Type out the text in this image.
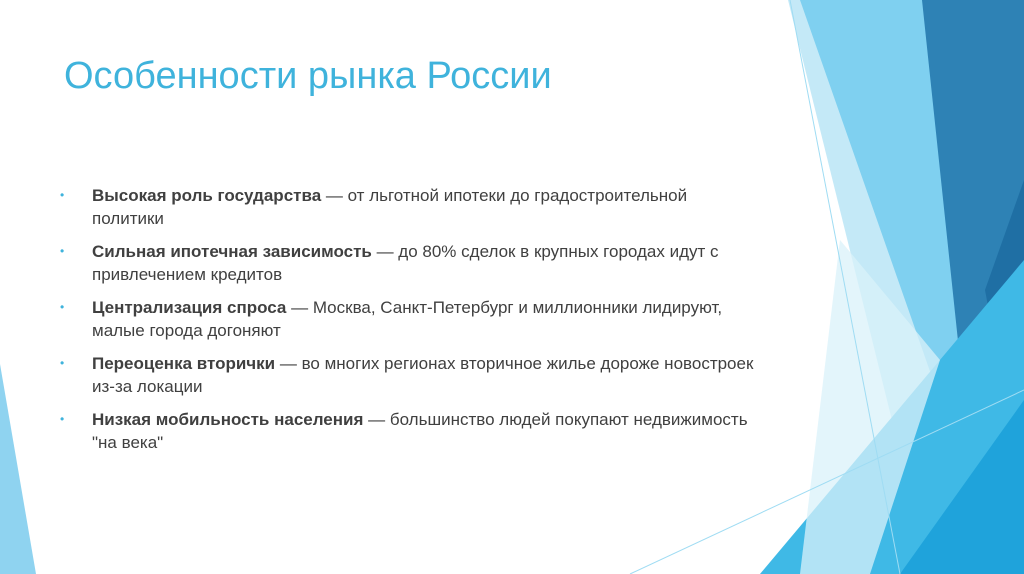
Особенности рынка России
• Высокая роль государства — от льготной ипотеки до градостроительной политики
• Сильная ипотечная зависимость — до 80% сделок в крупных городах идут с привлечением кредитов
• Централизация спроса — Москва, Санкт-Петербург и миллионники лидируют, малые города догоняют
• Переоценка вторички — во многих регионах вторичное жилье дороже новостроек из-за локации
• Низкая мобильность населения — большинство людей покупают недвижимость "на века"
